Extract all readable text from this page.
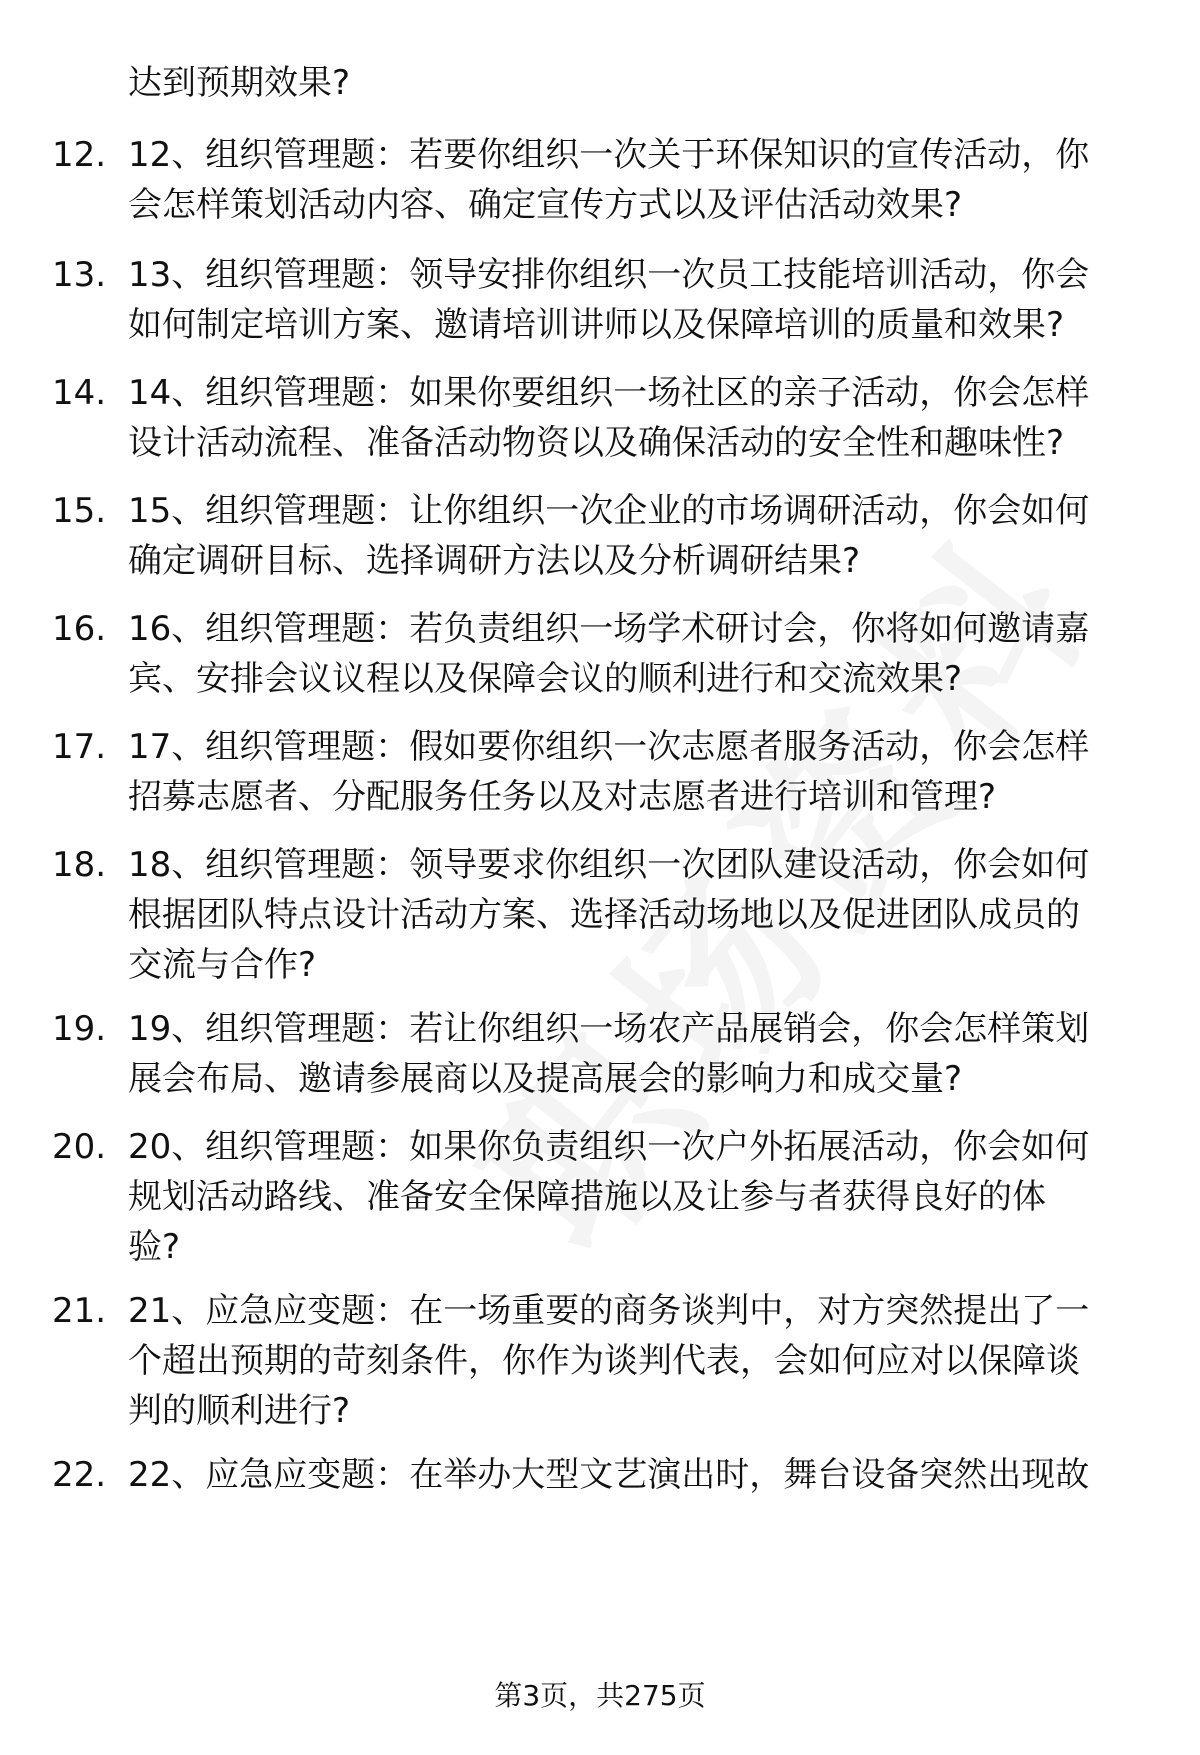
达到预期效果?
12. 12、组织管理题：若要你组织一次关于环保知识的宣传活动，你
会怎样策划活动内容、确定宣传方式以及评估活动效果?
13. 13、组织管理题：领导安排你组织一次员工技能培训活动，你会
如何制定培训方案、邀请培训讲师以及保障培训的质量和效果?
14. 14、组织管理题：如果你要组织一场社区的亲子活动，你会怎样
设计活动流程、准备活动物资以及确保活动的安全性和趣味性?
15. 15、组织管理题：让你组织一次企业的市场调研活动，你会如何
确定调研目标、选择调研方法以及分析调研结果?
16. 16、组织管理题：若负责组织一场学术研讨会，你将如何邀请嘉
宾、安排会议议程以及保障会议的顺利进行和交流效果?
17. 17、组织管理题：假如要你组织一次志愿者服务活动，你会怎样
招募志愿者、分配服务任务以及对志愿者进行培训和管理?
18. 18、组织管理题：领导要求你组织一次团队建设活动，你会如何
根据团队特点设计活动方案、选择活动场地以及促进团队成员的
交流与合作?
19. 19、组织管理题：若让你组织一场农产品展销会，你会怎样策划
展会布局、邀请参展商以及提高展会的影响力和成交量?
20. 20、组织管理题：如果你负责组织一次户外拓展活动，你会如何
规划活动路线、准备安全保障措施以及让参与者获得良好的体
验?
21. 21、应急应变题：在一场重要的商务谈判中，对方突然提出了一
个超出预期的苛刻条件，你作为谈判代表，会如何应对以保障谈
判的顺利进行?
22. 22、应急应变题：在举办大型文艺演出时，舞台设备突然出现故
第3页，共275页
